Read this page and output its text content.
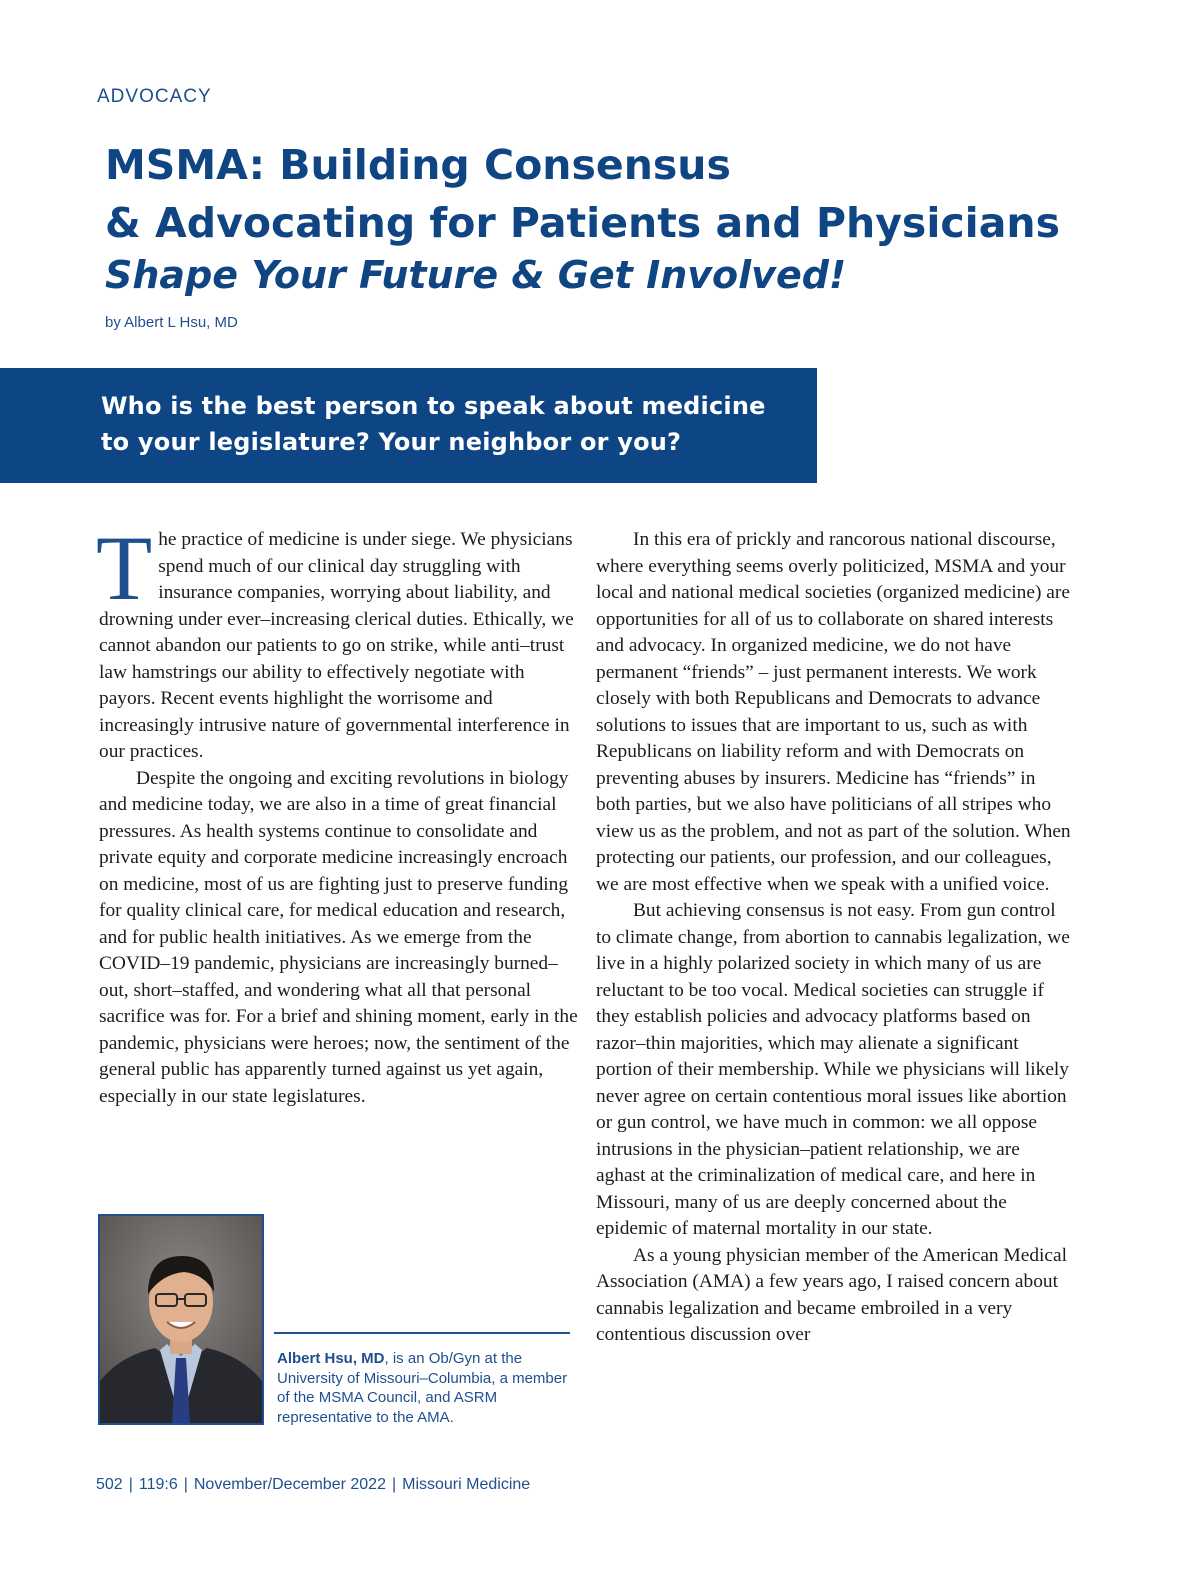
ADVOCACY
MSMA: Building Consensus
& Advocating for Patients and Physicians
Shape Your Future & Get Involved!
by Albert L Hsu, MD
Who is the best person to speak about medicine
to your legislature? Your neighbor or you?

The practice of medicine is under siege. We physicians spend much of our clinical day struggling with insurance companies, worrying about liability, and drowning under ever–increasing clerical duties. Ethically, we cannot abandon our patients to go on strike, while anti–trust law hamstrings our ability to effectively negotiate with payors. Recent events highlight the worrisome and increasingly intrusive nature of governmental interference in our practices.

Despite the ongoing and exciting revolutions in biology and medicine today, we are also in a time of great financial pressures. As health systems continue to consolidate and private equity and corporate medicine increasingly encroach on medicine, most of us are fighting just to preserve funding for quality clinical care, for medical education and research, and for public health initiatives. As we emerge from the COVID–19 pandemic, physicians are increasingly burned–out, short–staffed, and wondering what all that personal sacrifice was for. For a brief and shining moment, early in the pandemic, physicians were heroes; now, the sentiment of the general public has apparently turned against us yet again, especially in our state legislatures.

In this era of prickly and rancorous national discourse, where everything seems overly politicized, MSMA and your local and national medical societies (organized medicine) are opportunities for all of us to collaborate on shared interests and advocacy. In organized medicine, we do not have permanent “friends” – just permanent interests. We work closely with both Republicans and Democrats to advance solutions to issues that are important to us, such as with Republicans on liability reform and with Democrats on preventing abuses by insurers. Medicine has “friends” in both parties, but we also have politicians of all stripes who view us as the problem, and not as part of the solution. When protecting our patients, our profession, and our colleagues, we are most effective when we speak with a unified voice.

But achieving consensus is not easy. From gun control to climate change, from abortion to cannabis legalization, we live in a highly polarized society in which many of us are reluctant to be too vocal. Medical societies can struggle if they establish policies and advocacy platforms based on razor–thin majorities, which may alienate a significant portion of their membership. While we physicians will likely never agree on certain contentious moral issues like abortion or gun control, we have much in common: we all oppose intrusions in the physician–patient relationship, we are aghast at the criminalization of medical care, and here in Missouri, many of us are deeply concerned about the epidemic of maternal mortality in our state.

As a young physician member of the American Medical Association (AMA) a few years ago, I raised concern about cannabis legalization and became embroiled in a very contentious discussion over

Albert Hsu, MD, is an Ob/Gyn at the University of Missouri–Columbia, a member of the MSMA Council, and ASRM representative to the AMA.
502 | 119:6 | November/December 2022 | Missouri Medicine
